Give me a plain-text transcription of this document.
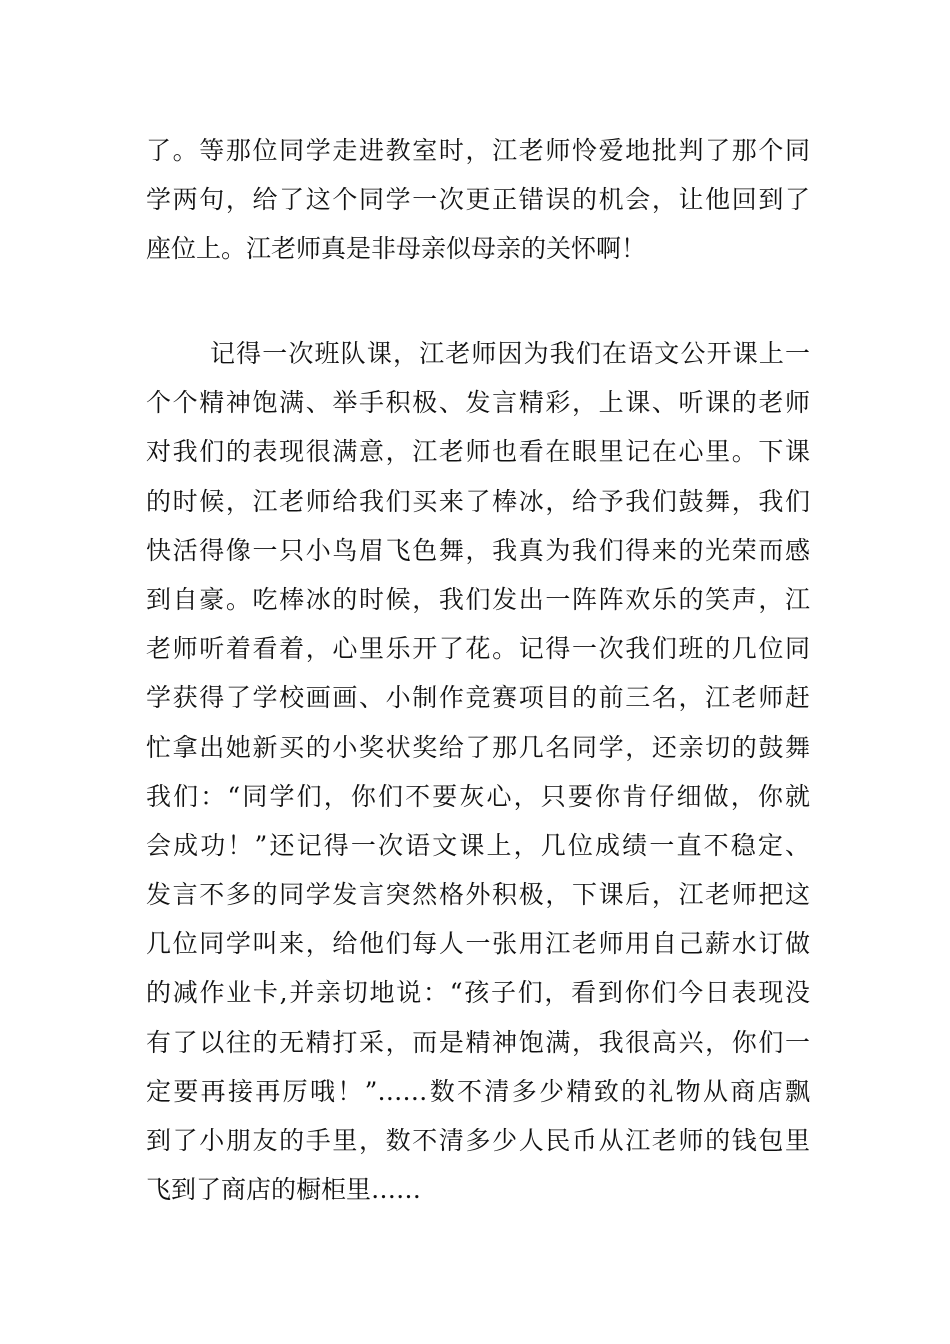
了。等那位同学走进教室时，江老师怜爱地批判了那个同
学两句，给了这个同学一次更正错误的机会，让他回到了
座位上。江老师真是非母亲似母亲的关怀啊！
记得一次班队课，江老师因为我们在语文公开课上一
个个精神饱满、举手积极、发言精彩，上课、听课的老师
对我们的表现很满意，江老师也看在眼里记在心里。下课
的时候，江老师给我们买来了棒冰，给予我们鼓舞，我们
快活得像一只小鸟眉飞色舞，我真为我们得来的光荣而感
到自豪。吃棒冰的时候，我们发出一阵阵欢乐的笑声，江
老师听着看着，心里乐开了花。记得一次我们班的几位同
学获得了学校画画、小制作竞赛项目的前三名，江老师赶
忙拿出她新买的小奖状奖给了那几名同学，还亲切的鼓舞
我们：“同学们，你们不要灰心，只要你肯仔细做，你就
会成功！”还记得一次语文课上，几位成绩一直不稳定、
发言不多的同学发言突然格外积极，下课后，江老师把这
几位同学叫来，给他们每人一张用江老师用自己薪水订做
的减作业卡,并亲切地说：“孩子们，看到你们今日表现没
有了以往的无精打采，而是精神饱满，我很高兴，你们一
定要再接再厉哦！”……数不清多少精致的礼物从商店飘
到了小朋友的手里，数不清多少人民币从江老师的钱包里
飞到了商店的橱柜里……
